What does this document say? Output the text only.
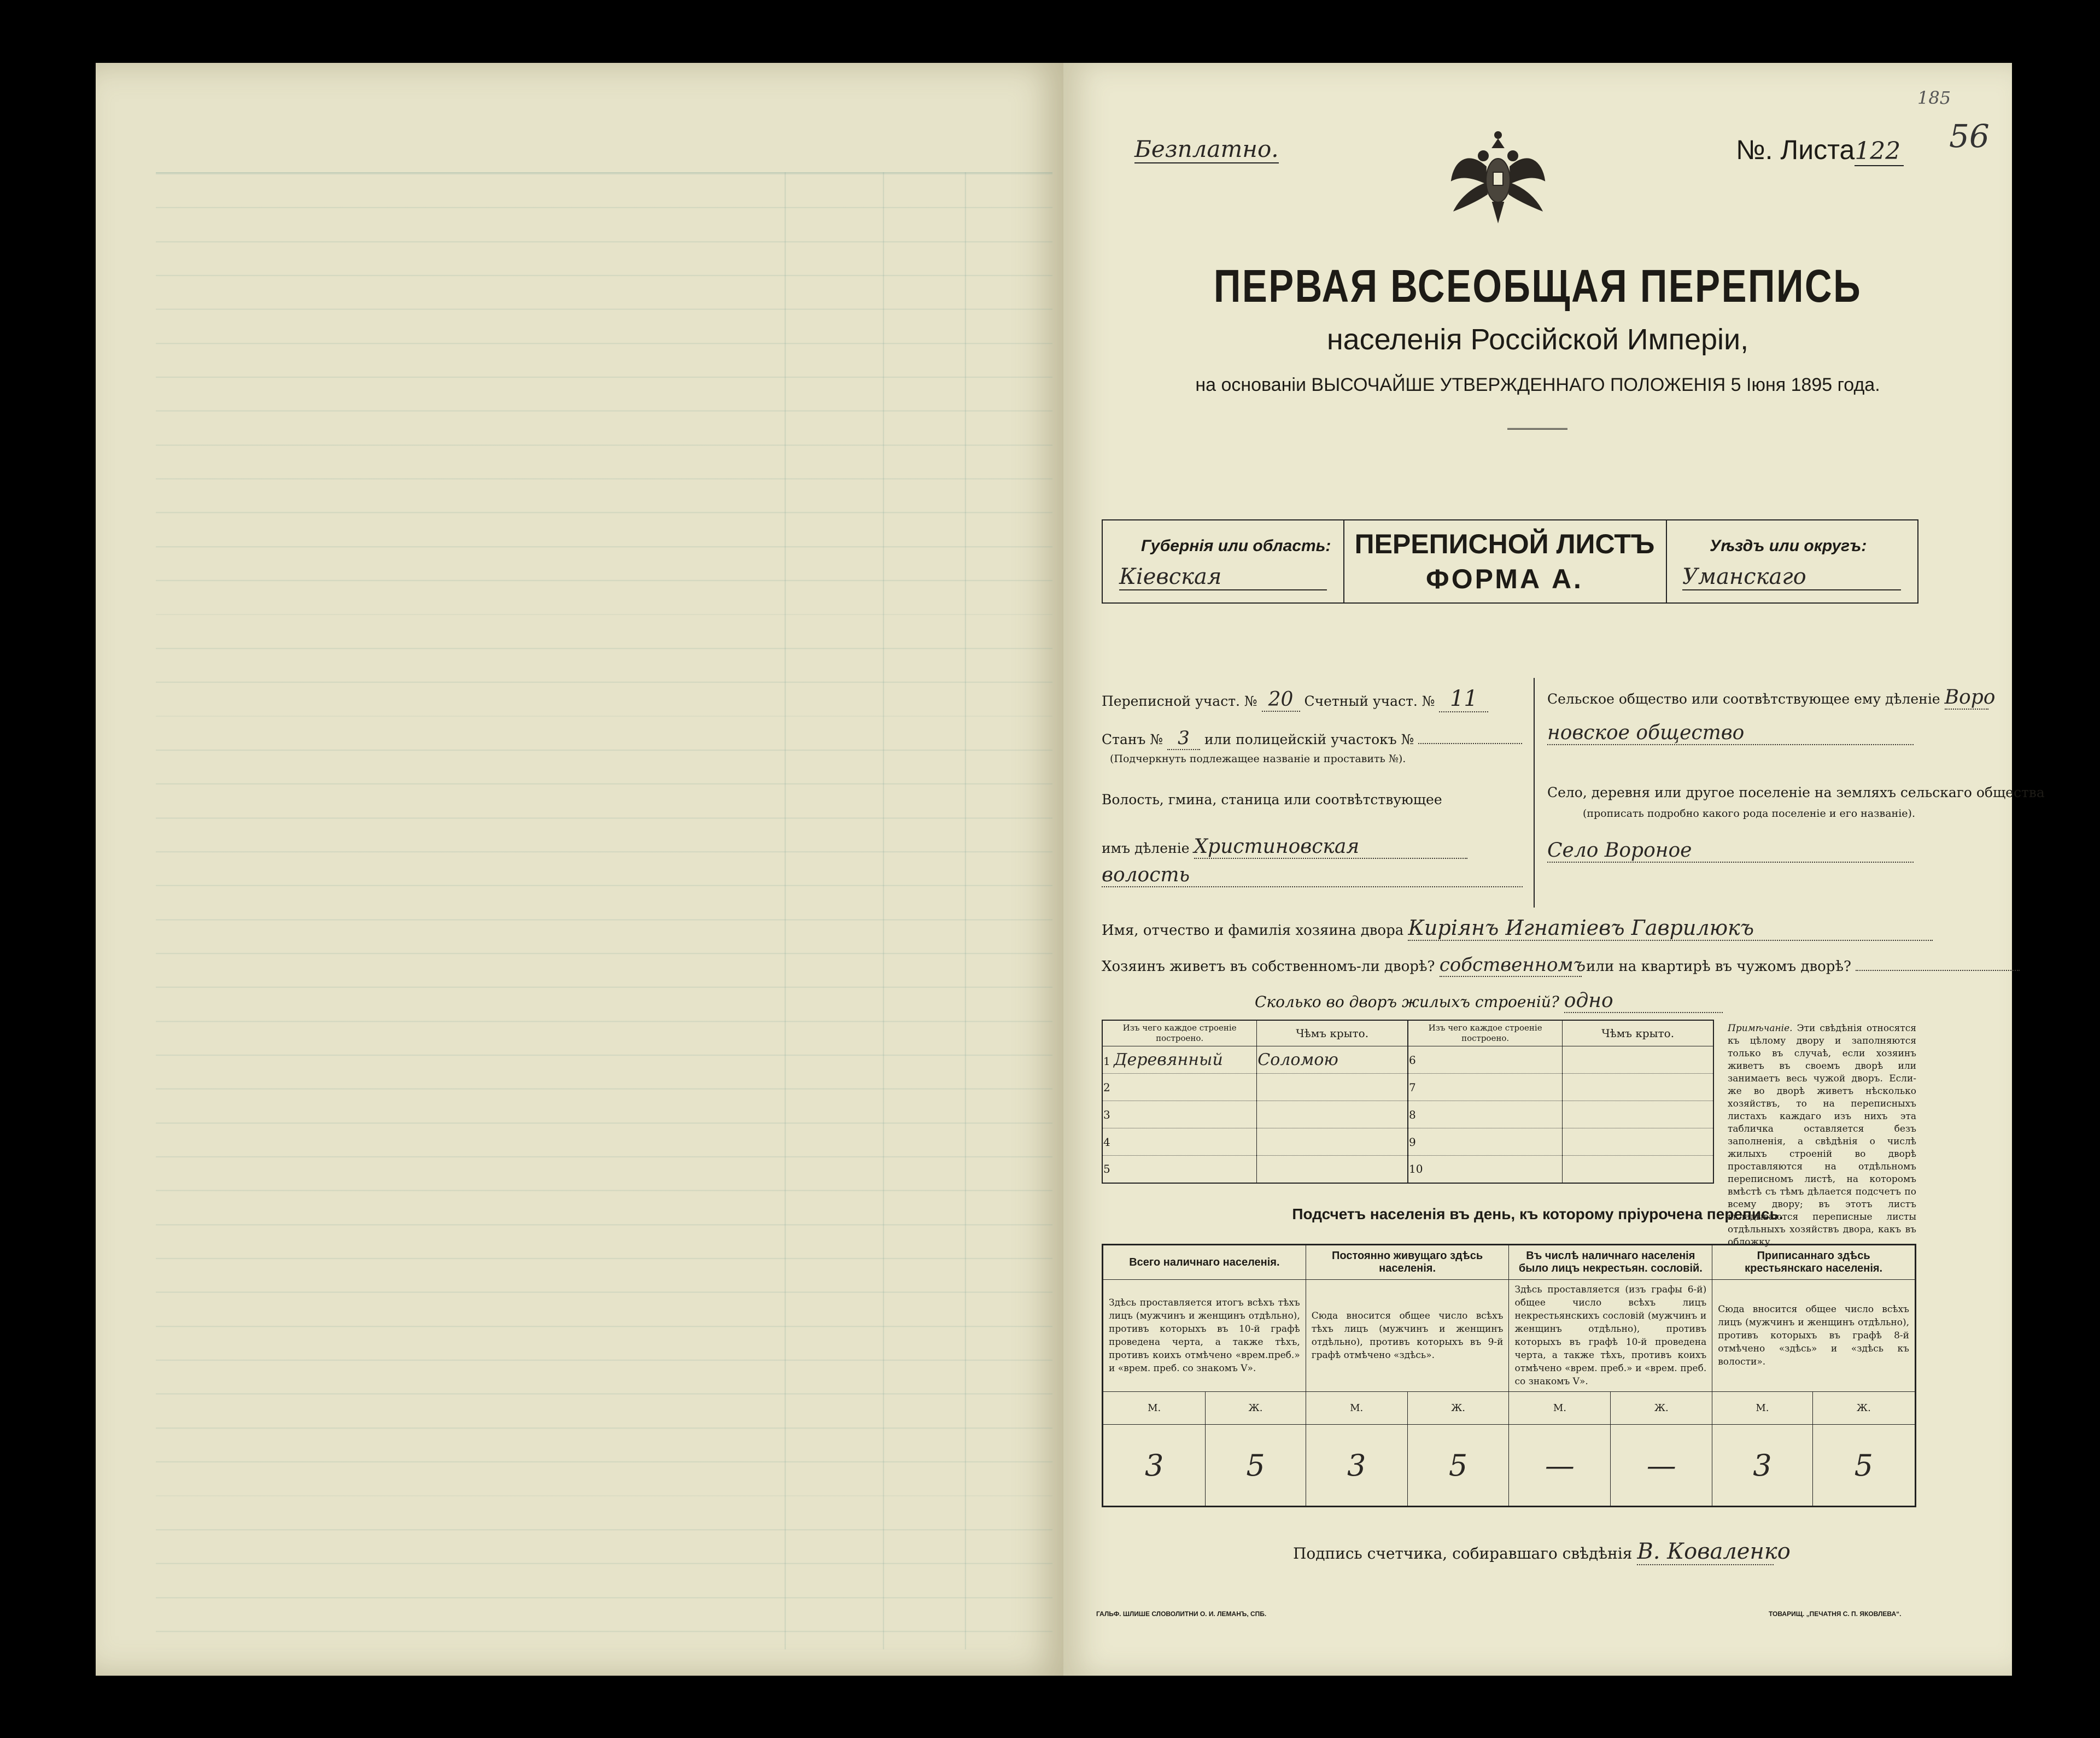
Безплатно.	№. Листа122
185
56
ПЕРВАЯ ВСЕОБЩАЯ ПЕРЕПИСЬ
населенія Россійской Имперіи,
на основаніи ВЫСОЧАЙШЕ УТВЕРЖДЕННАГО ПОЛОЖЕНІЯ 5 Іюня 1895 года.
Губернія или область:
Кіевская
ПЕРЕПИСНОЙ ЛИСТЪ
ФОРМА А.
Уѣздъ или округъ:
Уманскаго
Переписной участ. № 20 Счетный участ. № 11
Станъ № 3 или полицейскій участокъ №
(Подчеркнуть подлежащее названіе и проставить №).
Волость, гмина, станица или соотвѣтствующее
имъ дѣленіе Христиновская
волость
Сельское общество или соотвѣтствующее ему дѣленіе Воро
новское общество
Село, деревня или другое поселеніе на земляхъ сельскаго общества
(прописать подробно какого рода поселеніе и его названіе).
Село Вороное
Имя, отчество и фамилія хозяина двора Киріянъ Игнатіевъ Гаврилюкъ
Хозяинъ живетъ въ собственномъ-ли дворѣ? собственномъ или на квартирѣ въ чужомъ дворѣ?
Сколько во дворъ жилыхъ строеній? одно
Изъ чего каждое строеніе построено.	Чѣмъ крыто.	Изъ чего каждое строеніе построено.	Чѣмъ крыто.
1 Деревянный	Соломою	6	
2		7	
3		8	
4		9	
5		10	
Примѣчаніе. Эти свѣдѣнія относятся къ цѣлому двору и заполняются только въ случаѣ, если хозяинъ живетъ въ своемъ дворѣ или занимаетъ весь чужой дворъ. Если-же во дворѣ живетъ нѣсколько хозяйствъ, то на переписныхъ листахъ каждаго изъ нихъ эта табличка оставляется безъ заполненія, а свѣдѣнія о числѣ жилыхъ строеній во дворѣ проставляются на отдѣльномъ переписномъ листѣ, на которомъ вмѣстѣ съ тѣмъ дѣлается подсчетъ по всему двору; въ этотъ листъ вкладываются переписные листы отдѣльныхъ хозяйствъ двора, какъ въ обложку.
Подсчетъ населенія въ день, къ которому пріурочена перепись.
Всего наличнаго населенія.		Постоянно живущаго здѣсь населенія.		Въ числѣ наличнаго населенія было лицъ некрестьян. сословій.		Приписаннаго здѣсь крестьянскаго населенія.	
Здѣсь проставляется итогъ всѣхъ тѣхъ лицъ (мужчинъ и женщинъ отдѣльно), противъ которыхъ въ 10-й графѣ проведена черта, а также тѣхъ, противъ коихъ отмѣчено «врем.преб.» и «врем. преб. со знакомъ V».		Сюда вносится общее число всѣхъ тѣхъ лицъ (мужчинъ и женщинъ отдѣльно), противъ которыхъ въ 9-й графѣ отмѣчено «здѣсь».		Здѣсь проставляется (изъ графы 6-й) общее число всѣхъ лицъ некрестьянскихъ сословій (мужчинъ и женщинъ отдѣльно), противъ которыхъ въ графѣ 10-й проведена черта, а также тѣхъ, противъ коихъ отмѣчено «врем. преб.» и «врем. преб. со знакомъ V».		Сюда вносится общее число всѣхъ лицъ (мужчинъ и женщинъ отдѣльно), противъ которыхъ въ графѣ 8-й отмѣчено «здѣсь» и «здѣсь къ волости».	
М.	Ж.	М.	Ж.	М.	Ж.	М.	Ж.
3	5	3	5	—	—	3	5
Подпись счетчика, собиравшаго свѣдѣнія В. Коваленко
ГАЛЬФ. ШЛИШЕ СЛОВОЛИТНИ О. И. ЛЕМАНЪ, СПБ.	ТОВАРИЩ. „ПЕЧАТНЯ С. П. ЯКОВЛЕВА“.
